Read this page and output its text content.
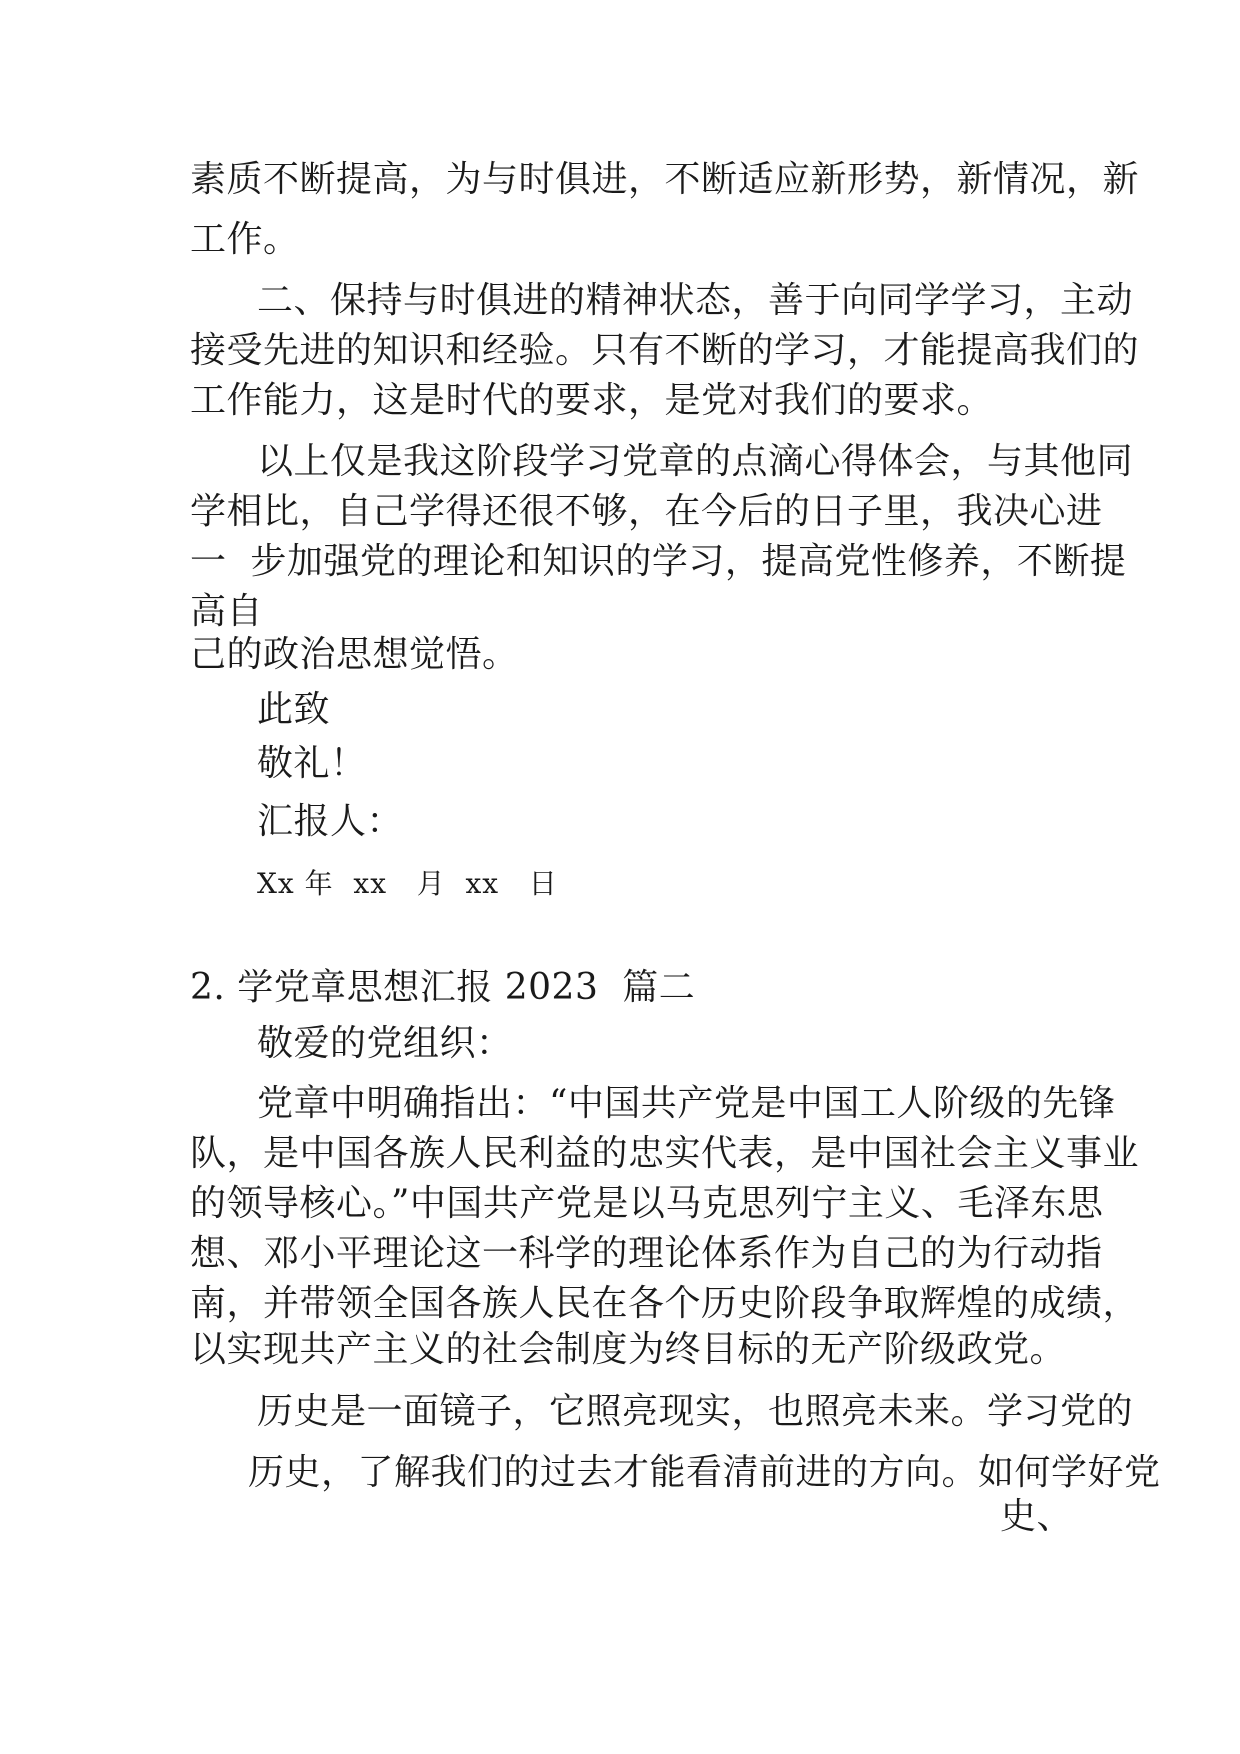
素质不断提高，为与时俱进，不断适应新形势，新情况，新
工作。
二、保持与时俱进的精神状态，善于向同学学习，主动
接受先进的知识和经验。只有不断的学习，才能提高我们的
工作能力，这是时代的要求，是党对我们的要求。
以上仅是我这阶段学习党章的点滴心得体会，与其他同
学相比，自己学得还很不够，在今后的日子里，我决心进
一  步加强党的理论和知识的学习，提高党性修养，不断提
高自
己的政治思想觉悟。
此致
敬礼！
汇报人：
Xx 年  xx   月  xx   日
2. 学党章思想汇报 2023  篇二
敬爱的党组织：
党章中明确指出：“中国共产党是中国工人阶级的先锋
队，是中国各族人民利益的忠实代表，是中国社会主义事业
的领导核心。”中国共产党是以马克思列宁主义、毛泽东思
想、邓小平理论这一科学的理论体系作为自己的为行动指
南，并带领全国各族人民在各个历史阶段争取辉煌的成绩，
以实现共产主义的社会制度为终目标的无产阶级政党。
历史是一面镜子，它照亮现实，也照亮未来。学习党的
历史，了解我们的过去才能看清前进的方向。如何学好党
史、
